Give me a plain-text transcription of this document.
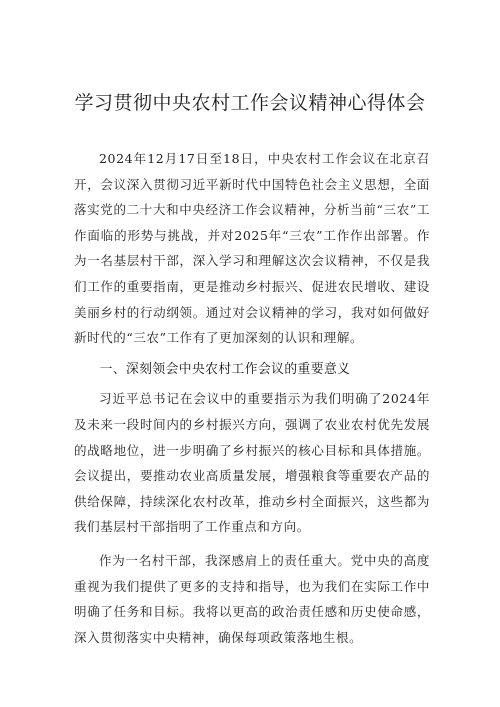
学习贯彻中央农村工作会议精神心得体会

2024年12月17日至18日，中央农村工作会议在北京召开，会议深入贯彻习近平新时代中国特色社会主义思想，全面落实党的二十大和中央经济工作会议精神，分析当前“三农”工作面临的形势与挑战，并对2025年“三农”工作作出部署。作为一名基层村干部，深入学习和理解这次会议精神，不仅是我们工作的重要指南，更是推动乡村振兴、促进农民增收、建设美丽乡村的行动纲领。通过对会议精神的学习，我对如何做好新时代的“三农”工作有了更加深刻的认识和理解。

一、深刻领会中央农村工作会议的重要意义

习近平总书记在会议中的重要指示为我们明确了2024年及未来一段时间内的乡村振兴方向，强调了农业农村优先发展的战略地位，进一步明确了乡村振兴的核心目标和具体措施。会议提出，要推动农业高质量发展，增强粮食等重要农产品的供给保障，持续深化农村改革，推动乡村全面振兴，这些都为我们基层村干部指明了工作重点和方向。

作为一名村干部，我深感肩上的责任重大。党中央的高度重视为我们提供了更多的支持和指导，也为我们在实际工作中明确了任务和目标。我将以更高的政治责任感和历史使命感，深入贯彻落实中央精神，确保每项政策落地生根。
